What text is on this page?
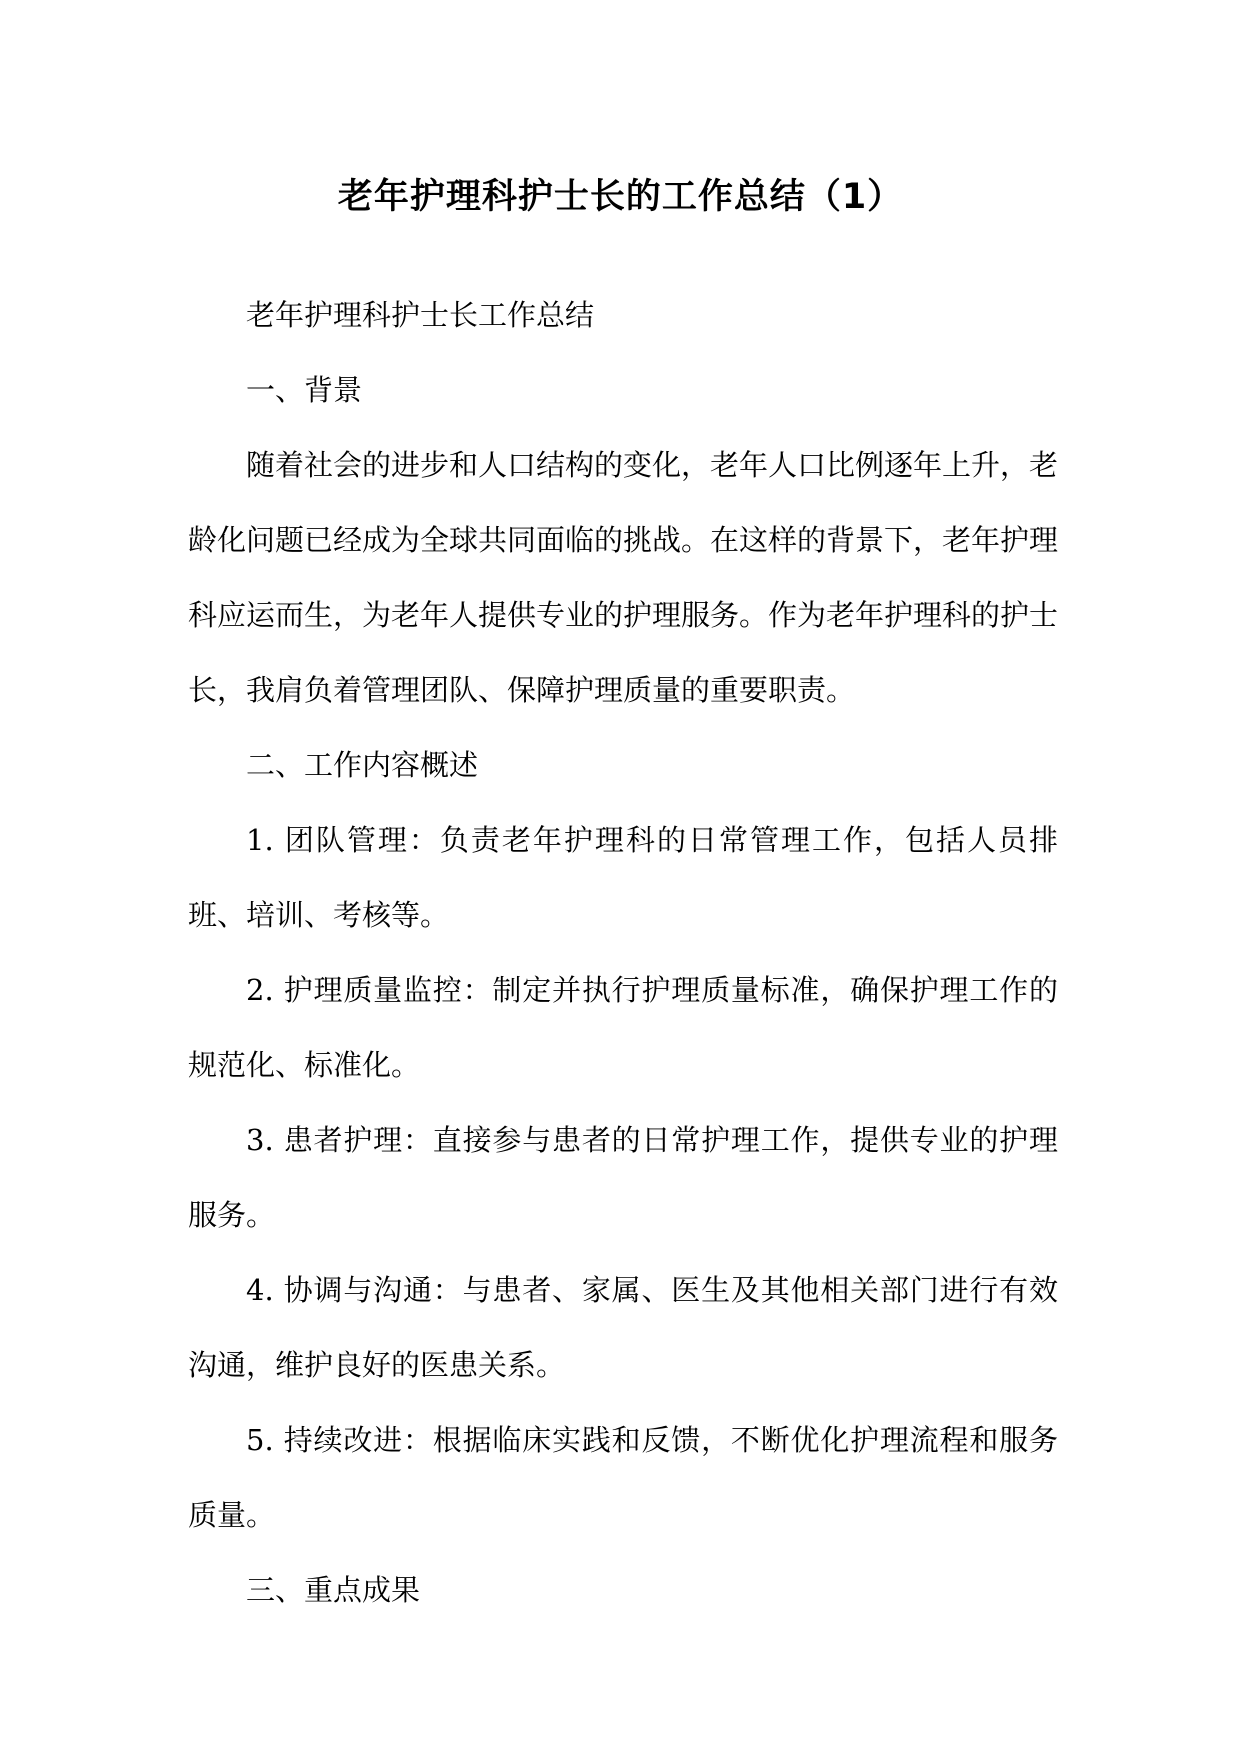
老年护理科护士长的工作总结（1）

老年护理科护士长工作总结

一、背景

随着社会的进步和人口结构的变化，老年人口比例逐年上升，老龄化问题已经成为全球共同面临的挑战。在这样的背景下，老年护理科应运而生，为老年人提供专业的护理服务。作为老年护理科的护士长，我肩负着管理团队、保障护理质量的重要职责。

二、工作内容概述

1. 团队管理：负责老年护理科的日常管理工作，包括人员排班、培训、考核等。

2. 护理质量监控：制定并执行护理质量标准，确保护理工作的规范化、标准化。

3. 患者护理：直接参与患者的日常护理工作，提供专业的护理服务。

4. 协调与沟通：与患者、家属、医生及其他相关部门进行有效沟通，维护良好的医患关系。

5. 持续改进：根据临床实践和反馈，不断优化护理流程和服务质量。

三、重点成果
